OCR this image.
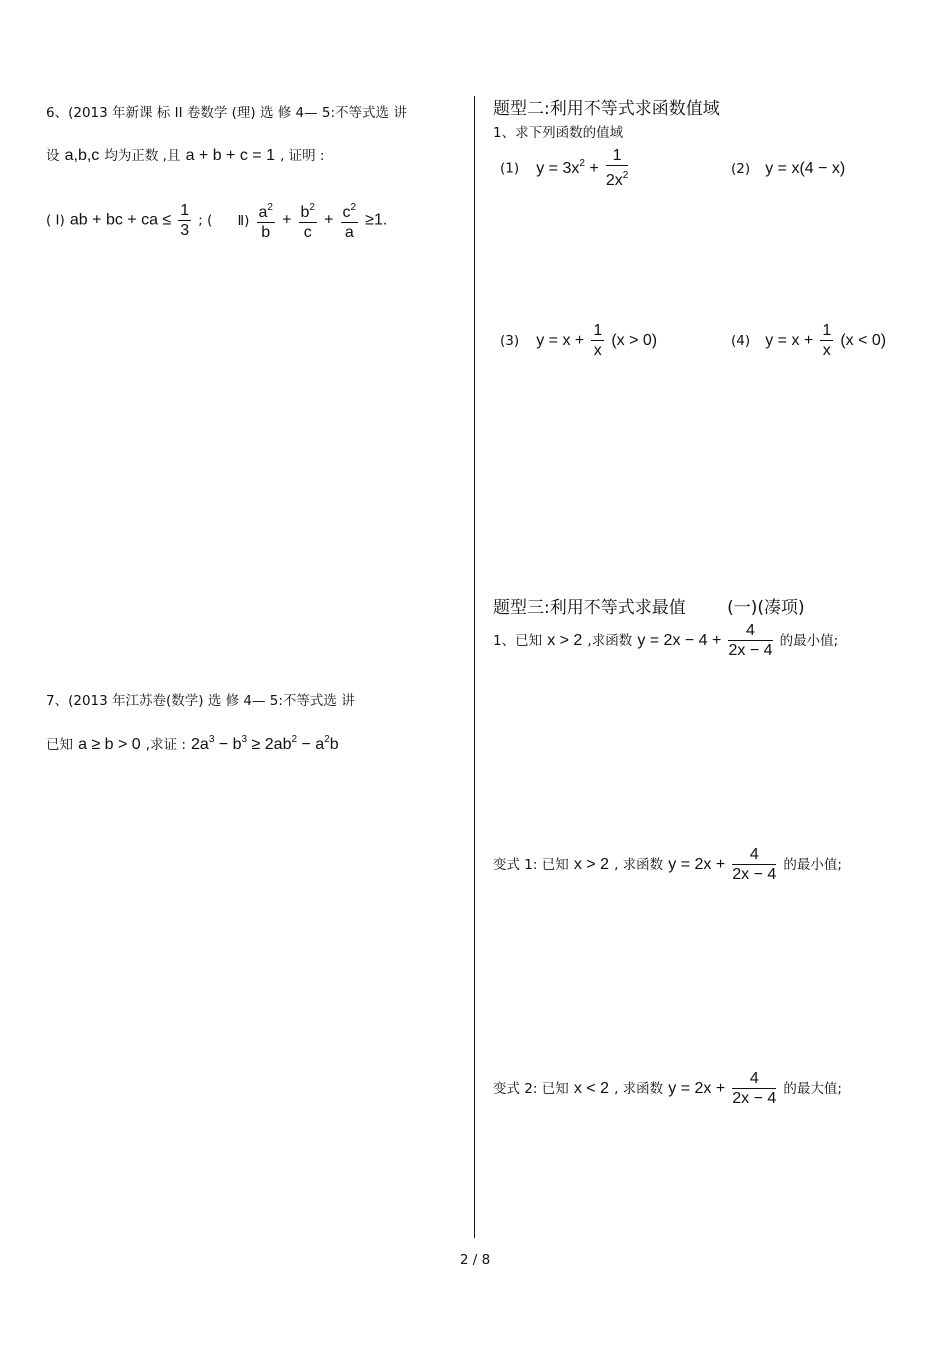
6、(2013 年新课 标 II 卷数学 (理) 选 修 4— 5:不等式选 讲
设 a,b,c 均为正数 ,且 a + b + c = 1 , 证明 :
( Ⅰ) ab + bc + ca ≤ $\frac{1}{3}$ ; ( Ⅱ) $\frac{a^2}{b} + \frac{b^2}{c} + \frac{c^2}{a} \ge 1$.
7、(2013 年江苏卷(数学) 选 修 4— 5:不等式选 讲
已知 a ≥ b > 0 ,求证 : $2a^3 - b^3 \ge 2ab^2 - a^2b$
题型二:利用不等式求函数值域
1、求下列函数的值域
(1) $y = 3x^2 + \frac{1}{2x^2}$	(2) y = x(4 − x)
(3) $y = x + \frac{1}{x} (x > 0)$	(4) $y = x + \frac{1}{x} (x < 0)$
题型三:利用不等式求最值 (一)(凑项)
1、已知 x > 2 ,求函数 $y = 2x - 4 + \frac{4}{2x - 4}$ 的最小值;
变式 1: 已知 x > 2 , 求函数 $y = 2x + \frac{4}{2x - 4}$ 的最小值;
变式 2: 已知 x < 2 , 求函数 $y = 2x + \frac{4}{2x - 4}$ 的最大值;
2 / 8
